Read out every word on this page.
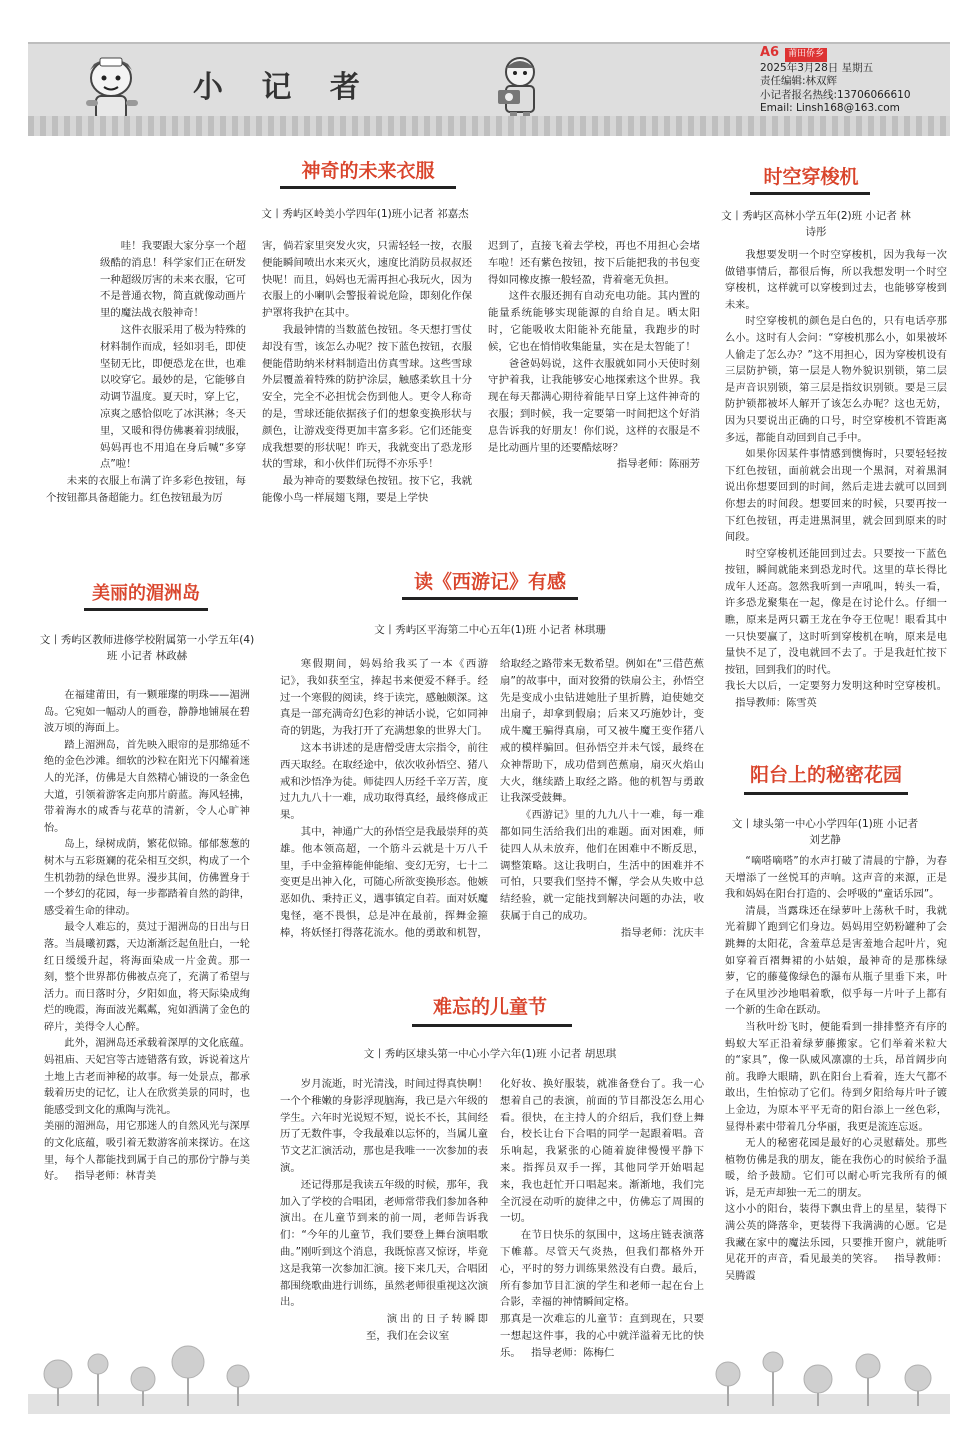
小 记 者
A6 莆田侨乡
2025年3月28日 星期五
责任编辑:林双辉
小记者报名热线:13706066610
Email: Linsh168@163.com
神奇的未来衣服
文丨秀屿区岭美小学四年(1)班小记者 祁嘉杰

哇！我要跟大家分享一个超级酷的消息！科学家们正在研发一种超级厉害的未来衣服，它可不是普通衣物，简直就像动画片里的魔法战衣般神奇！

这件衣服采用了极为特殊的材料制作而成，轻如羽毛，即使坚韧无比，即便恐龙在世，也难以咬穿它。最妙的是，它能够自动调节温度。夏天时，穿上它，凉爽之感恰似吃了冰淇淋；冬天里，又暖和得仿佛裹着羽绒服，妈妈再也不用追在身后喊“多穿点”啦！

未来的衣服上布满了许多彩色按钮，每个按钮都具备超能力。红色按钮最为厉

害，倘若家里突发火灾，只需轻轻一按，衣服便能瞬间喷出水来灭火，速度比消防员叔叔还快呢！而且，妈妈也无需再担心我玩火，因为衣服上的小喇叭会警报着说危险，即刻化作保护罩将我护在其中。

我最钟情的当数蓝色按钮。冬天想打雪仗却没有雪，该怎么办呢？按下蓝色按钮，衣服便能借助纳米材料制造出仿真雪球。这些雪球外层覆盖着特殊的防护涂层，触感柔软且十分安全，完全不必担忧会伤到他人。更令人称奇的是，雪球还能依据孩子们的想象变换形状与颜色，让游戏变得更加丰富多彩。它们还能变成我想要的形状呢！昨天，我就变出了恐龙形状的雪球，和小伙伴们玩得不亦乐乎！

最为神奇的要数绿色按钮。按下它，我就能像小鸟一样展翅飞翔，要是上学快

迟到了，直接飞着去学校，再也不用担心会堵车啦！还有紫色按钮，按下后能把我的书包变得如同橡皮擦一般轻盈，背着毫无负担。

这件衣服还拥有自动充电功能。其内置的能量系统能够实现能源的自给自足。晒太阳时，它能吸收太阳能补充能量，我跑步的时候，它也在悄悄收集能量，实在是太智能了！

爸爸妈妈说，这件衣服就如同小天使时刻守护着我，让我能够安心地探索这个世界。我现在每天都满心期待着能早日穿上这件神奇的衣服；到时候，我一定要第一时间把这个好消息告诉我的好朋友！你们说，这样的衣服是不是比动画片里的还要酷炫呀？

指导老师：陈丽芳

时空穿梭机
文丨秀屿区高林小学五年(2)班 小记者 林诗彤

我想要发明一个时空穿梭机，因为我每一次做错事情后，都很后悔，所以我想发明一个时空穿梭机，这样就可以穿梭到过去，也能够穿梭到未来。

时空穿梭机的颜色是白色的，只有电话亭那么小。这时有人会问：“穿梭机那么小，如果被坏人偷走了怎么办？”这不用担心，因为穿梭机设有三层防护锁，第一层是人物外貌识别锁，第二层是声音识别锁，第三层是指纹识别锁。要是三层防护锁都被坏人解开了该怎么办呢？这也无妨，因为只要说出正确的口号，时空穿梭机不管距离多远，都能自动回到自己手中。

如果你因某件事情感到懊悔时，只要轻轻按下红色按钮，面前就会出现一个黑洞，对着黑洞说出你想要回到的时间，然后走进去就可以回到你想去的时间段。想要回来的时候，只要再按一下红色按钮，再走进黑洞里，就会回到原来的时间段。

时空穿梭机还能回到过去。只要按一下蓝色按钮，瞬间就能来到恐龙时代。这里的草长得比成年人还高。忽然我听到一声吼叫，转头一看，许多恐龙聚集在一起，像是在讨论什么。仔细一瞧，原来是两只霸王龙在争夺王位呢！眼看其中一只快要赢了，这时听到穿梭机在响，原来是电量快不足了，没电就回不去了。于是我赶忙按下按钮，回到我们的时代。

我长大以后，一定要努力发明这种时空穿梭机。

指导教师：陈雪英
美丽的湄洲岛
文丨秀屿区教师进修学校附属第一小学五年(4)班 小记者 林政赫

在福建莆田，有一颗璀璨的明珠——湄洲岛。它宛如一幅动人的画卷，静静地铺展在碧波万顷的海面上。

踏上湄洲岛，首先映入眼帘的是那绵延不绝的金色沙滩。细软的沙粒在阳光下闪耀着迷人的光泽，仿佛是大自然精心铺设的一条金色大道，引领着游客走向那片蔚蓝。海风轻拂，带着海水的咸香与花草的清新，令人心旷神怡。

岛上，绿树成荫，繁花似锦。郁郁葱葱的树木与五彩斑斓的花朵相互交织，构成了一个生机勃勃的绿色世界。漫步其间，仿佛置身于一个梦幻的花园，每一步都踏着自然的韵律，感受着生命的律动。

最令人难忘的，莫过于湄洲岛的日出与日落。当晨曦初露，天边渐渐泛起鱼肚白，一轮红日缓缓升起，将海面染成一片金黄。那一刻，整个世界都仿佛被点亮了，充满了希望与活力。而日落时分，夕阳如血，将天际染成绚烂的晚霞，海面波光粼粼，宛如洒满了金色的碎片，美得令人心醉。

此外，湄洲岛还承载着深厚的文化底蕴。妈祖庙、天妃宫等古迹错落有致，诉说着这片土地上古老而神秘的故事。每一处景点，都承载着历史的记忆，让人在欣赏美景的同时，也能感受到文化的熏陶与洗礼。

美丽的湄洲岛，用它那迷人的自然风光与深厚的文化底蕴，吸引着无数游客前来探访。在这里，每个人都能找到属于自己的那份宁静与美好。 指导老师：林青美
读《西游记》有感
文丨秀屿区平海第二中心五年(1)班 小记者 林琪珊

寒假期间，妈妈给我买了一本《西游记》，我如获至宝，捧起书来便爱不释手。经过一个寒假的阅读，终于读完，感触颇深。这真是一部充满奇幻色彩的神话小说，它如同神奇的钥匙，为我打开了充满想象的世界大门。

这本书讲述的是唐僧受唐太宗指令，前往西天取经。在取经途中，依次收孙悟空、猪八戒和沙悟净为徒。师徒四人历经千辛万苦，度过九九八十一难，成功取得真经，最终修成正果。

其中，神通广大的孙悟空是我最崇拜的英雄。他本领高超，一个筋斗云就是十万八千里，手中金箍棒能伸能缩、变幻无穷，七十二变更是出神入化，可随心所欲变换形态。他嫉恶如仇、秉持正义，遇事镇定自若。面对妖魔鬼怪，毫不畏惧，总是冲在最前，挥舞金箍棒，将妖怪打得落花流水。他的勇敢和机智，

给取经之路带来无数希望。例如在“三借芭蕉扇”的故事中，面对狡猾的铁扇公主，孙悟空先是变成小虫钻进她肚子里折腾，迫使她交出扇子，却拿到假扇；后来又巧施妙计，变成牛魔王骗得真扇，可又被牛魔王变作猪八戒的模样骗回。但孙悟空并未气馁，最终在众神帮助下，成功借到芭蕉扇，扇灭火焰山大火，继续踏上取经之路。他的机智与勇敢让我深受鼓舞。

《西游记》里的九九八十一难，每一难都如同生活给我们出的难题。面对困难，师徒四人从未放弃，他们在困难中不断反思，调整策略。这让我明白，生活中的困难并不可怕，只要我们坚持不懈，学会从失败中总结经验，就一定能找到解决问题的办法，收获属于自己的成功。

指导老师：沈庆丰

难忘的儿童节
文丨秀屿区埭头第一中心小学六年(1)班 小记者 胡思琪

岁月流逝，时光清浅，时间过得真快啊！一个个稚嫩的身影浮现脑海，我已是六年级的学生。六年时光说短不短，说长不长，其间经历了无数件事，令我最难以忘怀的，当属儿童节文艺汇演活动，那也是我唯一一次参加的表演。

还记得那是我读五年级的时候，那年，我加入了学校的合唱团，老师常带我们参加各种演出。在儿童节到来的前一周，老师告诉我们：“今年的儿童节，我们要登上舞台演唱歌曲。”刚听到这个消息，我既惊喜又惊讶，毕竟这是我第一次参加汇演。接下来几天，合唱团都围绕歌曲进行训练，虽然老师很重视这次演出。

演出的日子转瞬即至，我们在会议室

化好妆、换好服装，就准备登台了。我一心想着自己的表演，前面的节目都没怎么用心看。很快，在主持人的介绍后，我们登上舞台，校长让台下合唱的同学一起跟着唱。音乐响起，我紧张的心随着旋律慢慢平静下来。指挥员双手一挥，其他同学开始唱起来，我也赶忙开口唱起来。渐渐地，我们完全沉浸在动听的旋律之中，仿佛忘了周围的一切。

在节日快乐的氛围中，这场庄链表演落下帷幕。尽管天气炎热，但我们都格外开心，平时的努力训练果然没有白费。最后，所有参加节目汇演的学生和老师一起在台上合影，幸福的神情瞬间定格。

那真是一次难忘的儿童节：直到现在，只要一想起这件事，我的心中就洋溢着无比的快乐。 指导老师：陈梅仁
阳台上的秘密花园
文丨埭头第一中心小学四年(1)班 小记者 刘艺静

“嘀嗒嘀嗒”的水声打破了清晨的宁静，为春天增添了一丝悦耳的声响。这声音的来源，正是我和妈妈在阳台打造的、会呼吸的“童话乐园”。

清晨，当露珠还在绿萝叶上荡秋千时，我就光着脚丫跑到它们身边。妈妈用空奶粉罐种了会跳舞的太阳花，含羞草总是害羞地合起叶片，宛如穿着百褶舞裙的小姑娘，最神奇的是那株绿萝，它的藤蔓像绿色的瀑布从瓶子里垂下来，叶子在风里沙沙地唱着歌，似乎每一片叶子上都有一个新的生命在跃动。

当秋叶纷飞时，便能看到一排排整齐有序的蚂蚁大军正沿着绿萝藤搬家。它们举着米粒大的“家具”，像一队威风凛凛的士兵，昂首阔步向前。我睁大眼睛，趴在阳台上看着，连大气都不敢出，生怕惊动了它们。待到夕阳给每片叶子镀上金边，为原本平平无奇的阳台添上一丝色彩，显得朴素中带着几分华丽，我更是流连忘返。

无人的秘密花园是最好的心灵慰藉处。那些植物仿佛是我的朋友，能在我伤心的时候给予温暖，给予鼓励。它们可以耐心听完我所有的倾诉，是无声却独一无二的朋友。

这小小的阳台，装得下飘虫背上的星星，装得下满公英的降落伞，更装得下我满满的心愿。它是我藏在家中的魔法乐园，只要推开窗户，就能听见花开的声音，看见最美的笑容。 指导教师：吴腾霞
